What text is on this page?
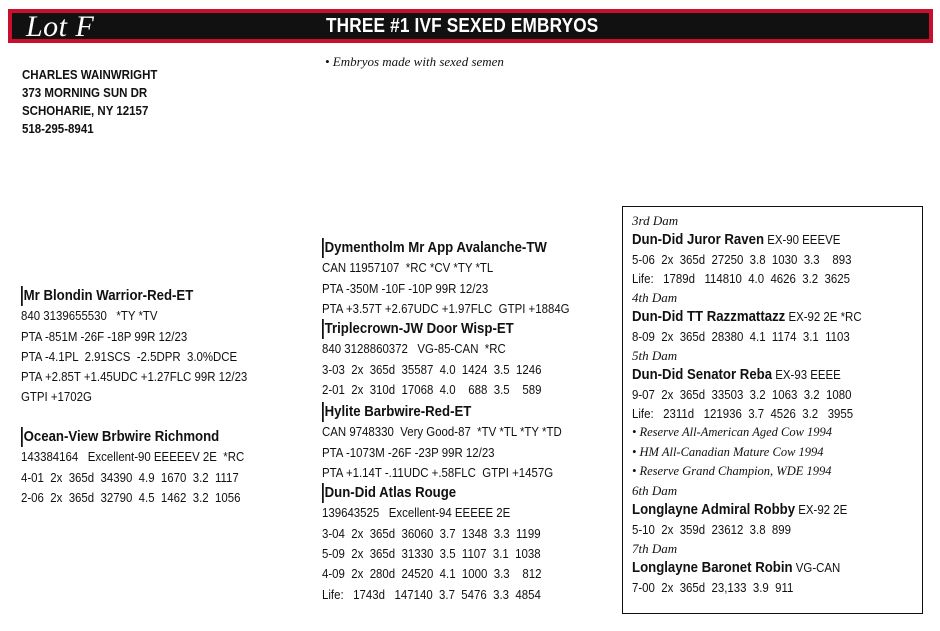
Lot F	THREE #1 IVF SEXED EMBRYOS
• Embryos made with sexed semen
CHARLES WAINWRIGHT
373 MORNING SUN DR
SCHOHARIE, NY 12157
518-295-8941
Mr Blondin Warrior-Red-ET
840 3139655530   *TY *TV
PTA -851M -26F -18P 99R 12/23
PTA -4.1PL  2.91SCS  -2.5DPR  3.0%DCE
PTA +2.85T +1.45UDC +1.27FLC 99R 12/23
GTPI +1702G
Ocean-View Brbwire Richmond
143384164   Excellent-90 EEEEEV 2E  *RC
4-01  2x  365d  34390  4.9  1670  3.2  1117
2-06  2x  365d  32790  4.5  1462  3.2  1056
Dymentholm Mr App Avalanche-TW
CAN 11957107  *RC *CV *TY *TL
PTA -350M -10F -10P 99R 12/23
PTA +3.57T +2.67UDC +1.97FLC  GTPI +1884G
Triplecrown-JW Door Wisp-ET
840 3128860372   VG-85-CAN  *RC
3-03  2x  365d  35587  4.0  1424  3.5  1246
2-01  2x  310d  17068  4.0    688  3.5    589
Hylite Barbwire-Red-ET
CAN 9748330  Very Good-87  *TV *TL *TY *TD
PTA -1073M -26F -23P 99R 12/23
PTA +1.14T -.11UDC +.58FLC  GTPI +1457G
Dun-Did Atlas Rouge
139643525   Excellent-94 EEEEE 2E
3-04  2x  365d  36060  3.7  1348  3.3  1199
5-09  2x  365d  31330  3.5  1107  3.1  1038
4-09  2x  280d  24520  4.1  1000  3.3    812
Life:   1743d   147140  3.7  5476  3.3  4854
3rd Dam
Dun-Did Juror Raven EX-90 EEEVE
5-06  2x  365d  27250  3.8  1030  3.3    893
Life:   1789d   114810  4.0  4626  3.2  3625
4th Dam
Dun-Did TT Razzmattazz EX-92 2E *RC
8-09  2x  365d  28380  4.1  1174  3.1  1103
5th Dam
Dun-Did Senator Reba EX-93 EEEE
9-07  2x  365d  33503  3.2  1063  3.2  1080
Life:   2311d   121936  3.7  4526  3.2   3955
• Reserve All-American Aged Cow 1994
• HM All-Canadian Mature Cow 1994
• Reserve Grand Champion, WDE 1994
6th Dam
Longlayne Admiral Robby EX-92 2E
5-10  2x  359d  23612  3.8  899
7th Dam
Longlayne Baronet Robin VG-CAN
7-00  2x  365d  23,133  3.9  911
